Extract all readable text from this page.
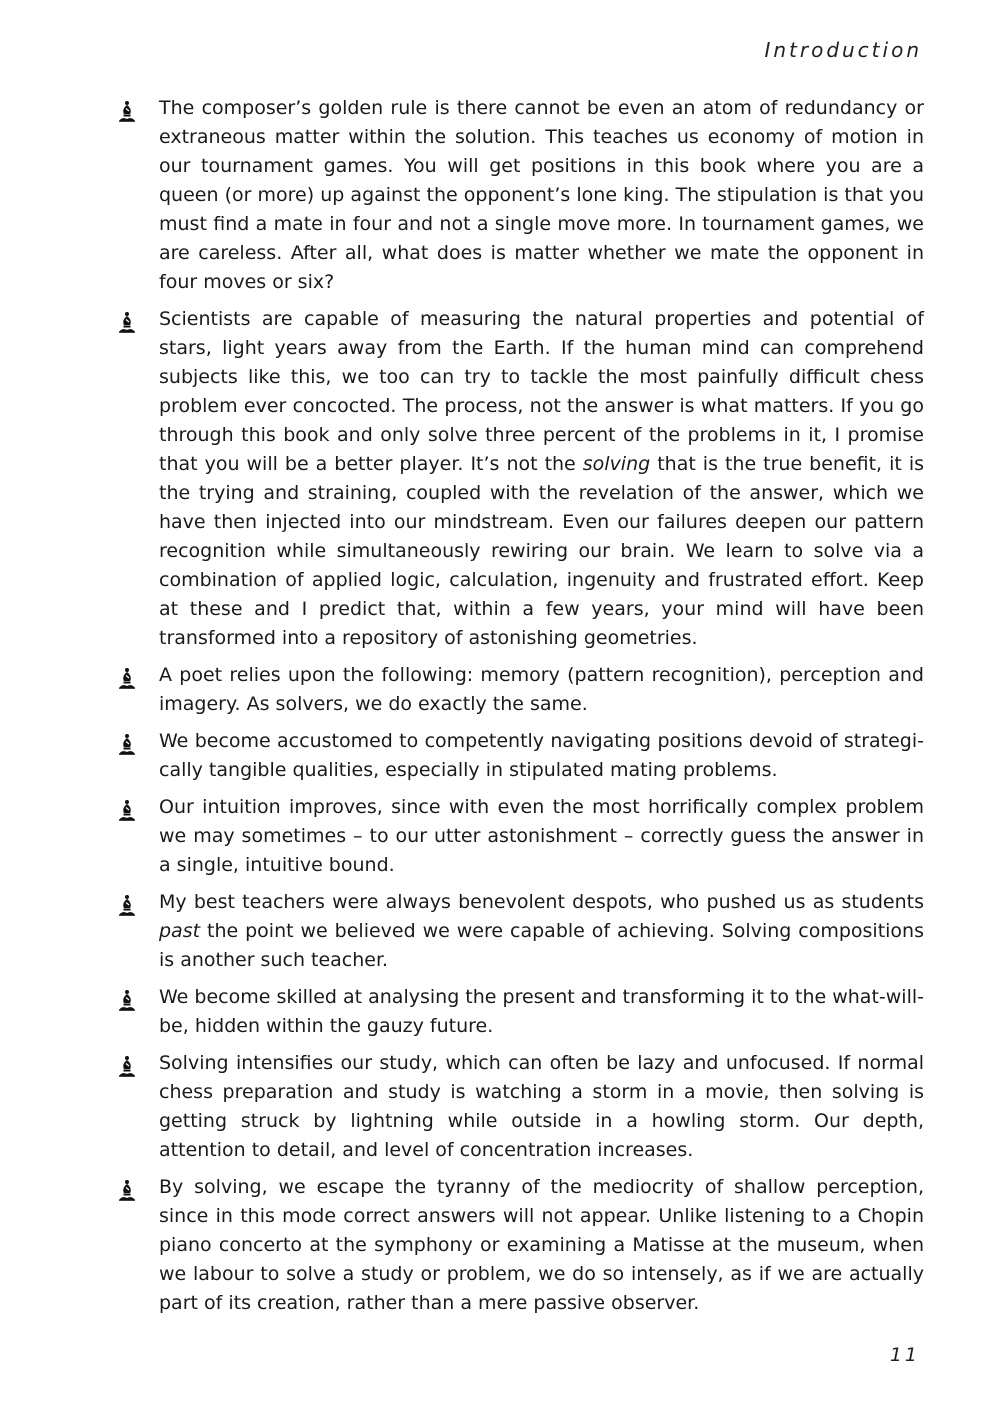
Introduction

The composer’s golden rule is there cannot be even an atom of redundancy or extraneous matter within the solution. This teaches us economy of motion in our tournament games. You will get positions in this book where you are a queen (or more) up against the opponent’s lone king. The stipulation is that you must find a mate in four and not a single move more. In tournament games, we are careless. After all, what does is matter whether we mate the opponent in four moves or six?

Scientists are capable of measuring the natural properties and potential of stars, light years away from the Earth. If the human mind can comprehend subjects like this, we too can try to tackle the most painfully difficult chess problem ever concocted. The process, not the answer is what matters. If you go through this book and only solve three percent of the problems in it, I promise that you will be a better player. It’s not the solving that is the true benefit, it is the trying and straining, coupled with the revelation of the answer, which we have then injected into our mindstream. Even our failures deepen our pattern recognition while simultaneously rewiring our brain. We learn to solve via a combination of applied logic, calculation, ingenuity and frustrated effort. Keep at these and I predict that, within a few years, your mind will have been transformed into a repository of astonishing geometries.

A poet relies upon the following: memory (pattern recognition), perception and imagery. As solvers, we do exactly the same.

We become accustomed to competently navigating positions devoid of strategically tangible qualities, especially in stipulated mating problems.

Our intuition improves, since with even the most horrifically complex problem we may sometimes – to our utter astonishment – correctly guess the answer in a single, intuitive bound.

My best teachers were always benevolent despots, who pushed us as students past the point we believed we were capable of achieving. Solving compositions is another such teacher.

We become skilled at analysing the present and transforming it to the what-will-be, hidden within the gauzy future.

Solving intensifies our study, which can often be lazy and unfocused. If normal chess preparation and study is watching a storm in a movie, then solving is getting struck by lightning while outside in a howling storm. Our depth, attention to detail, and level of concentration increases.

By solving, we escape the tyranny of the mediocrity of shallow perception, since in this mode correct answers will not appear. Unlike listening to a Chopin piano concerto at the symphony or examining a Matisse at the museum, when we labour to solve a study or problem, we do so intensely, as if we are actually part of its creation, rather than a mere passive observer.

11
